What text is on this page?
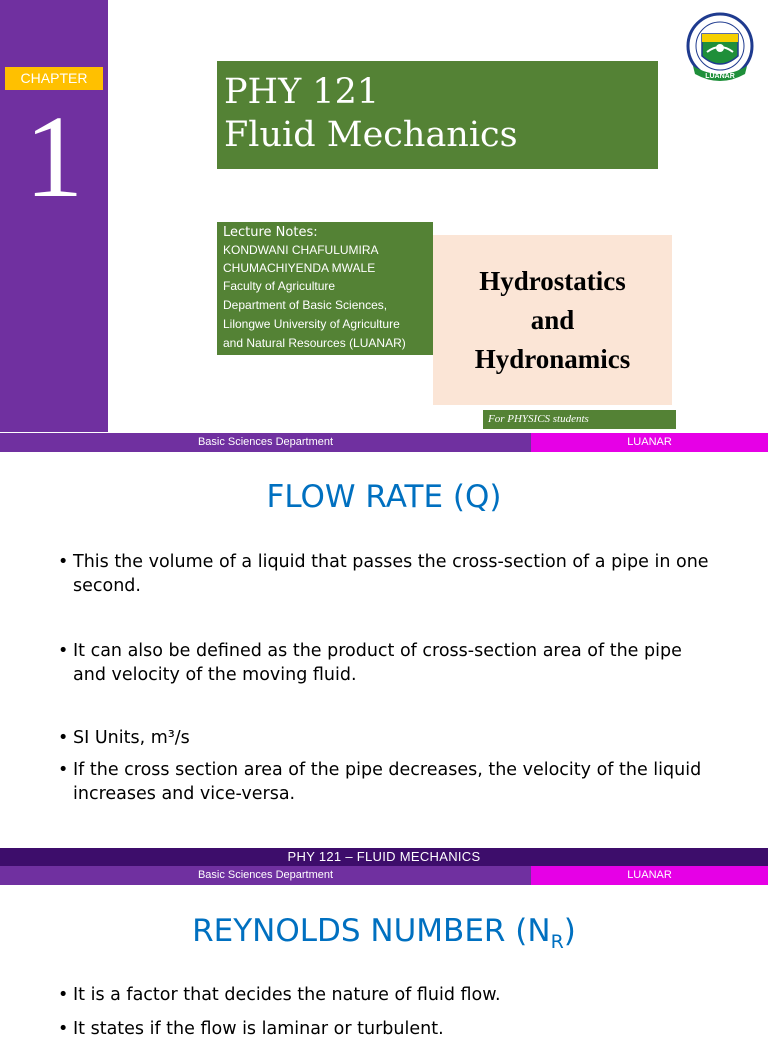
CHAPTER
1	PHY 121
Fluid Mechanics
Lecture Notes:
KONDWANI CHAFULUMIRA
CHUMACHIYENDA MWALE
Faculty of Agriculture
Department of Basic Sciences,
Lilongwe University of Agriculture
and Natural Resources (LUANAR)
Hydrostatics
and
Hydronamics
For PHYSICS students
LUANAR
Basic Sciences Department	LUANAR
FLOW RATE (Q)
• This the volume of a liquid that passes the cross-section of a pipe in one second.
• It can also be defined as the product of cross-section area of the pipe and velocity of the moving fluid.
• SI Units, m³/s
• If the cross section area of the pipe decreases, the velocity of the liquid increases and vice-versa.
PHY 121 – FLUID MECHANICS
Basic Sciences Department	LUANAR
REYNOLDS NUMBER $(N_R)$
• It is a factor that decides the nature of fluid flow.
• It states if the flow is laminar or turbulent.
